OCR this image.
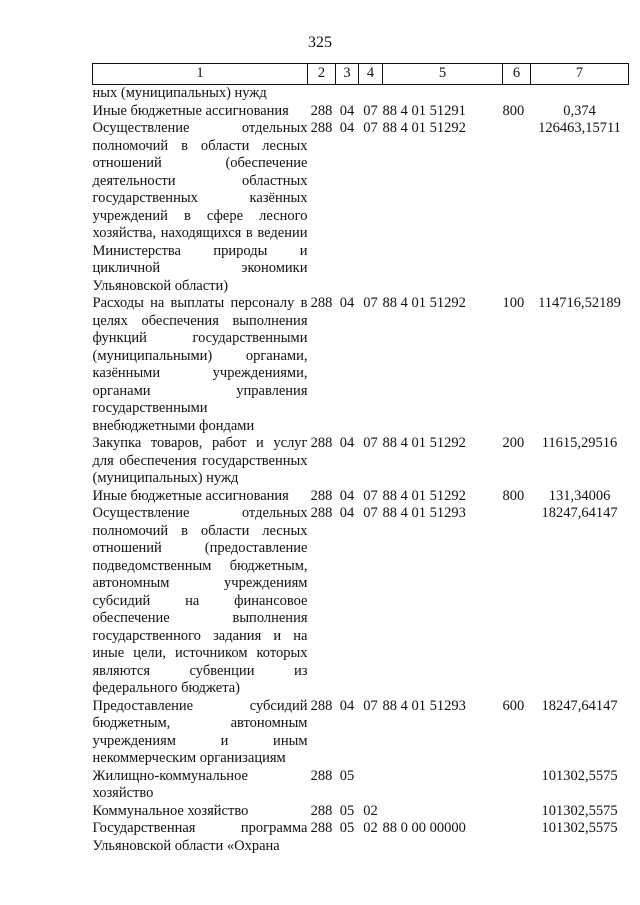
325
1	2	3	4	5	6	7
ных (муниципальных) нужд						
Иные бюджетные ассигнования	288	04	07	88 4 01 51291	800	0,374
Осуществление отдельных полномочий в области лесных отношений (обеспечение деятельности областных государственных казённых учреждений в сфере лесного хозяйства, находящихся в ведении Министерства природы и цикличной экономики Ульяновской области)	288	04	07	88 4 01 51292		126463,15711
Расходы на выплаты персоналу в целях обеспечения выполнения функций государственными (муниципальными) органами, казёнными учреждениями, органами управления государственными внебюджетными фондами	288	04	07	88 4 01 51292	100	114716,52189
Закупка товаров, работ и услуг для обеспечения государственных (муниципальных) нужд	288	04	07	88 4 01 51292	200	11615,29516
Иные бюджетные ассигнования	288	04	07	88 4 01 51292	800	131,34006
Осуществление отдельных полномочий в области лесных отношений (предоставление подведомственным бюджетным, автономным учреждениям субсидий на финансовое обеспечение выполнения государственного задания и на иные цели, источником которых являются субвенции из федерального бюджета)	288	04	07	88 4 01 51293		18247,64147
Предоставление субсидий бюджетным, автономным учреждениям и иным некоммерческим организациям	288	04	07	88 4 01 51293	600	18247,64147
Жилищно-коммунальное хозяйство	288	05				101302,5575
Коммунальное хозяйство	288	05	02			101302,5575
Государственная программа Ульяновской области «Охрана	288	05	02	88 0 00 00000		101302,5575
